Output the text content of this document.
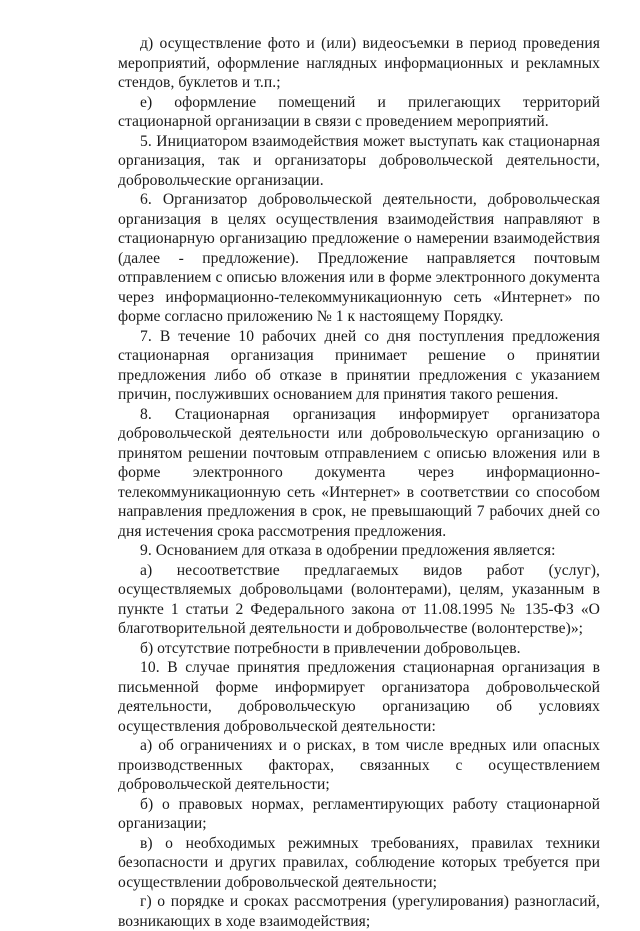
д) осуществление фото и (или) видеосъемки в период проведения мероприятий, оформление наглядных информационных и рекламных стендов, буклетов и т.п.;

е) оформление помещений и прилегающих территорий стационарной организации в связи с проведением мероприятий.

5. Инициатором взаимодействия может выступать как стационарная организация, так и организаторы добровольческой деятельности, добровольческие организации.

6. Организатор добровольческой деятельности, добровольческая организация в целях осуществления взаимодействия направляют в стационарную организацию предложение о намерении взаимодействия (далее - предложение). Предложение направляется почтовым отправлением с описью вложения или в форме электронного документа через информационно-телекоммуникационную сеть «Интернет» по форме согласно приложению № 1 к настоящему Порядку.

7. В течение 10 рабочих дней со дня поступления предложения стационарная организация принимает решение о принятии предложения либо об отказе в принятии предложения с указанием причин, послуживших основанием для принятия такого решения.

8. Стационарная организация информирует организатора добровольческой деятельности или добровольческую организацию о принятом решении почтовым отправлением с описью вложения или в форме электронного документа через информационно-телекоммуникационную сеть «Интернет» в соответствии со способом направления предложения в срок, не превышающий 7 рабочих дней со дня истечения срока рассмотрения предложения.

9. Основанием для отказа в одобрении предложения является:

а) несоответствие предлагаемых видов работ (услуг), осуществляемых добровольцами (волонтерами), целям, указанным в пункте 1 статьи 2 Федерального закона от 11.08.1995 № 135-ФЗ «О благотворительной деятельности и добровольчестве (волонтерстве)»;

б) отсутствие потребности в привлечении добровольцев.

10. В случае принятия предложения стационарная организация в письменной форме информирует организатора добровольческой деятельности, добровольческую организацию об условиях осуществления добровольческой деятельности:

а) об ограничениях и о рисках, в том числе вредных или опасных производственных факторах, связанных с осуществлением добровольческой деятельности;

б) о правовых нормах, регламентирующих работу стационарной организации;

в) о необходимых режимных требованиях, правилах техники безопасности и других правилах, соблюдение которых требуется при осуществлении добровольческой деятельности;

г) о порядке и сроках рассмотрения (урегулирования) разногласий, возникающих в ходе взаимодействия;
